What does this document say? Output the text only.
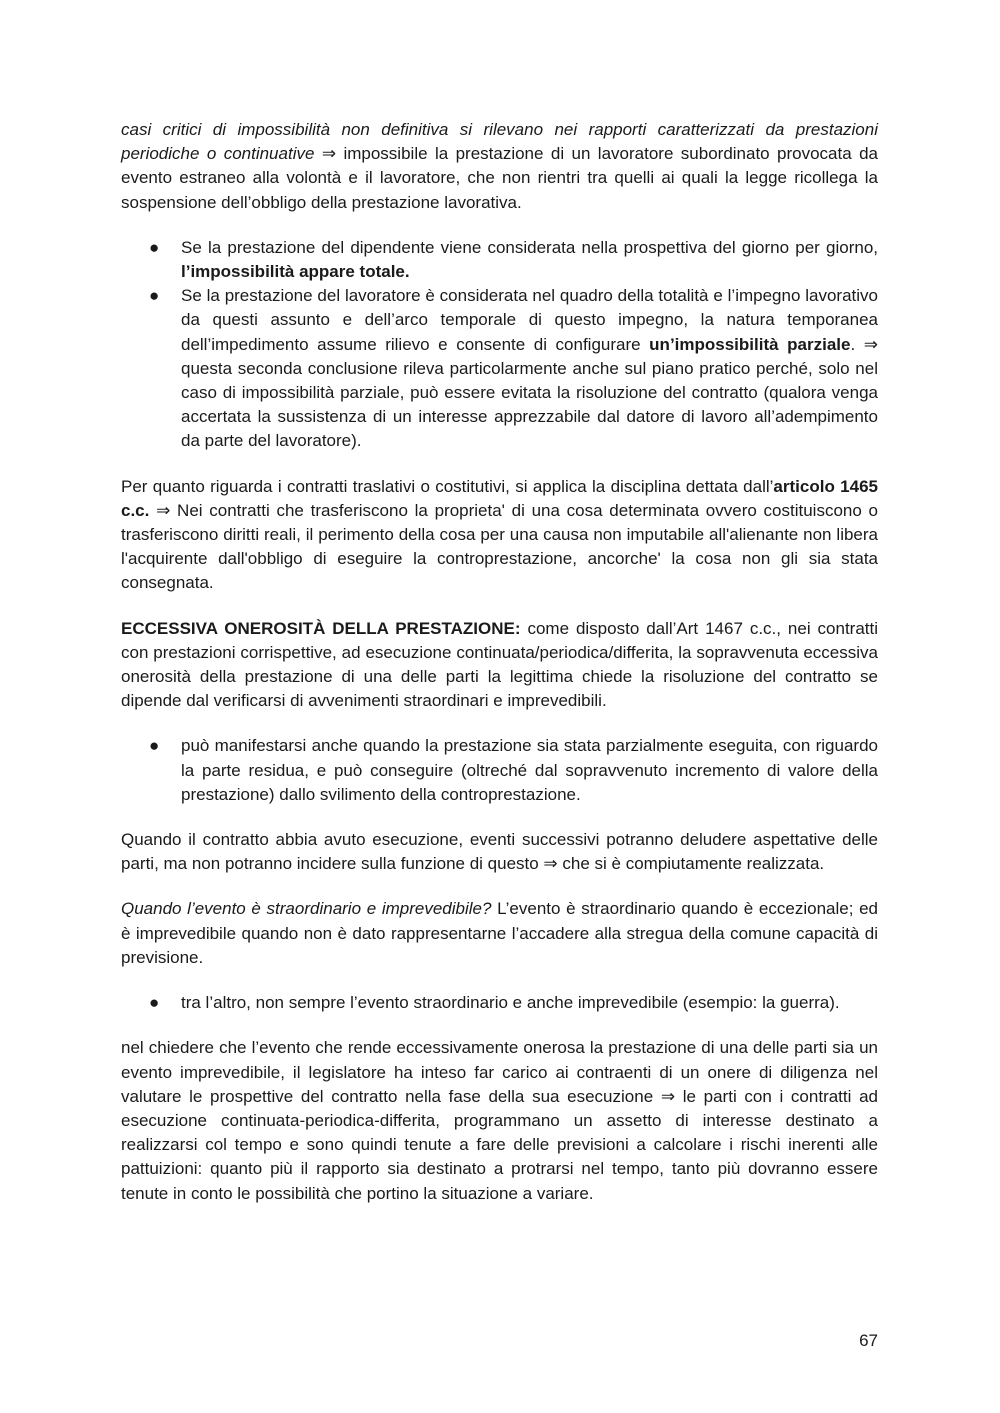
casi critici di impossibilità non definitiva si rilevano nei rapporti caratterizzati da prestazioni periodiche o continuative ⇒ impossibile la prestazione di un lavoratore subordinato provocata da evento estraneo alla volontà e il lavoratore, che non rientri tra quelli ai quali la legge ricollega la sospensione dell’obbligo della prestazione lavorativa.

● Se la prestazione del dipendente viene considerata nella prospettiva del giorno per giorno, l’impossibilità appare totale.
● Se la prestazione del lavoratore è considerata nel quadro della totalità e l’impegno lavorativo da questi assunto e dell’arco temporale di questo impegno, la natura temporanea dell’impedimento assume rilievo e consente di configurare un’impossibilità parziale. ⇒ questa seconda conclusione rileva particolarmente anche sul piano pratico perché, solo nel caso di impossibilità parziale, può essere evitata la risoluzione del contratto (qualora venga accertata la sussistenza di un interesse apprezzabile dal datore di lavoro all’adempimento da parte del lavoratore).

Per quanto riguarda i contratti traslativi o costitutivi, si applica la disciplina dettata dall’articolo 1465 c.c. ⇒ Nei contratti che trasferiscono la proprieta' di una cosa determinata ovvero costituiscono o trasferiscono diritti reali, il perimento della cosa per una causa non imputabile all'alienante non libera l'acquirente dall'obbligo di eseguire la controprestazione, ancorche' la cosa non gli sia stata consegnata.

ECCESSIVA ONEROSITÀ DELLA PRESTAZIONE: come disposto dall’Art 1467 c.c., nei contratti con prestazioni corrispettive, ad esecuzione continuata/periodica/differita, la sopravvenuta eccessiva onerosità della prestazione di una delle parti la legittima chiede la risoluzione del contratto se dipende dal verificarsi di avvenimenti straordinari e imprevedibili.

● può manifestarsi anche quando la prestazione sia stata parzialmente eseguita, con riguardo la parte residua, e può conseguire (oltreché dal sopravvenuto incremento di valore della prestazione) dallo svilimento della controprestazione.

Quando il contratto abbia avuto esecuzione, eventi successivi potranno deludere aspettative delle parti, ma non potranno incidere sulla funzione di questo ⇒ che si è compiutamente realizzata.

Quando l’evento è straordinario e imprevedibile? L’evento è straordinario quando è eccezionale; ed è imprevedibile quando non è dato rappresentarne l’accadere alla stregua della comune capacità di previsione.

● tra l’altro, non sempre l’evento straordinario e anche imprevedibile (esempio: la guerra).

nel chiedere che l’evento che rende eccessivamente onerosa la prestazione di una delle parti sia un evento imprevedibile, il legislatore ha inteso far carico ai contraenti di un onere di diligenza nel valutare le prospettive del contratto nella fase della sua esecuzione ⇒ le parti con i contratti ad esecuzione continuata-periodica-differita, programmano un assetto di interesse destinato a realizzarsi col tempo e sono quindi tenute a fare delle previsioni a calcolare i rischi inerenti alle pattuizioni: quanto più il rapporto sia destinato a protrarsi nel tempo, tanto più dovranno essere tenute in conto le possibilità che portino la situazione a variare.

67
